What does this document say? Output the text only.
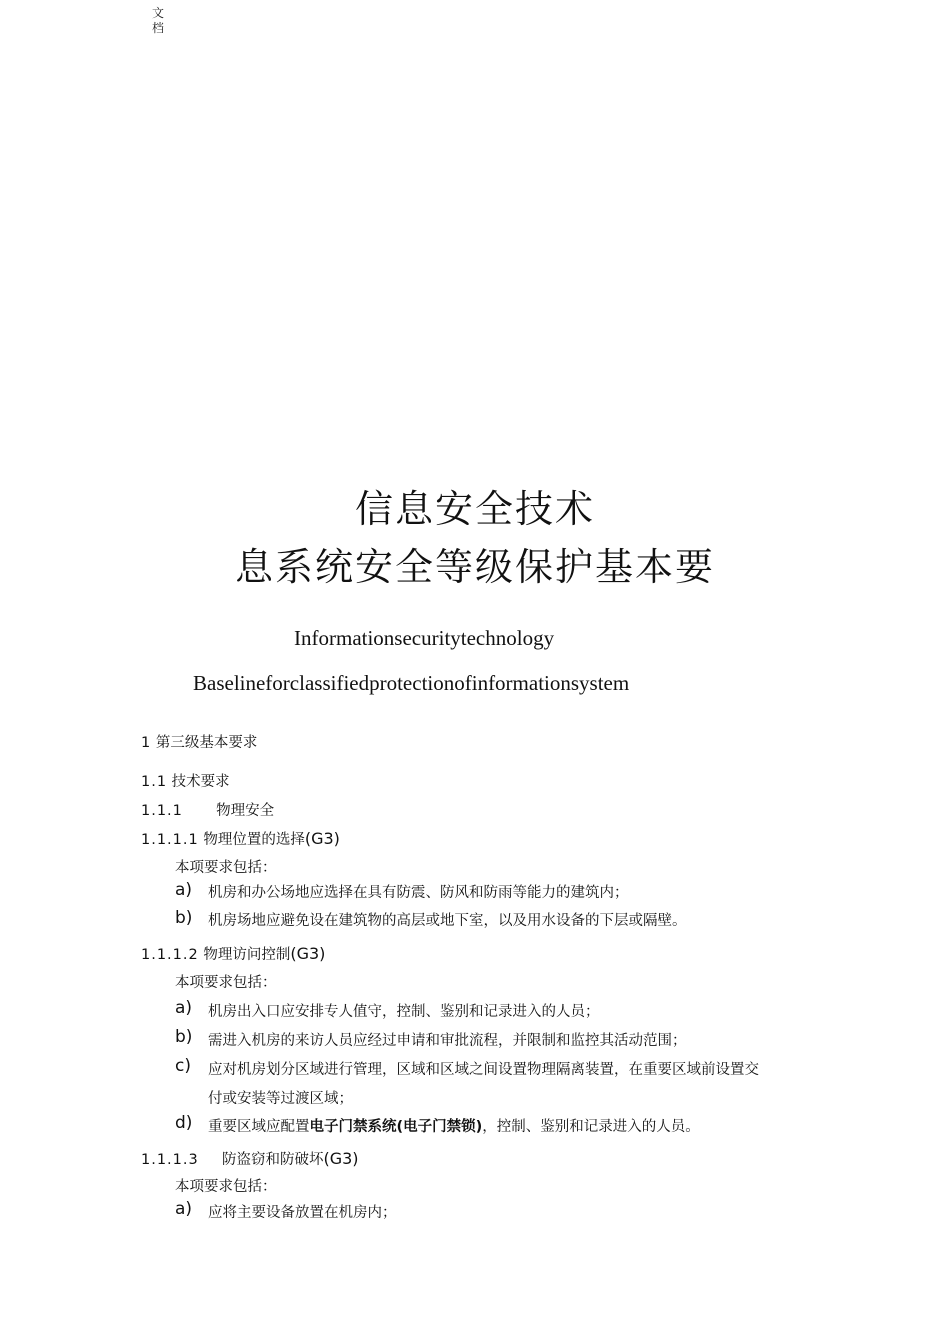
文档
信息安全技术
息系统安全等级保护基本要
Informationsecuritytechnology
Baselineforclassifiedprotectionofinformationsystem
1 第三级基本要求
1.1 技术要求
1.1.1 物理安全
1.1.1.1 物理位置的选择(G3)
本项要求包括：
a) 机房和办公场地应选择在具有防震、防风和防雨等能力的建筑内；
b) 机房场地应避免设在建筑物的高层或地下室，以及用水设备的下层或隔壁。
1.1.1.2 物理访问控制(G3)
本项要求包括：
a) 机房出入口应安排专人值守，控制、鉴别和记录进入的人员；
b) 需进入机房的来访人员应经过申请和审批流程，并限制和监控其活动范围；
c) 应对机房划分区域进行管理，区域和区域之间设置物理隔离装置，在重要区域前设置交
付或安装等过渡区域；
d) 重要区域应配置电子门禁系统(电子门禁锁)，控制、鉴别和记录进入的人员。
1.1.1.3 防盗窃和防破坏(G3)
本项要求包括：
a) 应将主要设备放置在机房内；
